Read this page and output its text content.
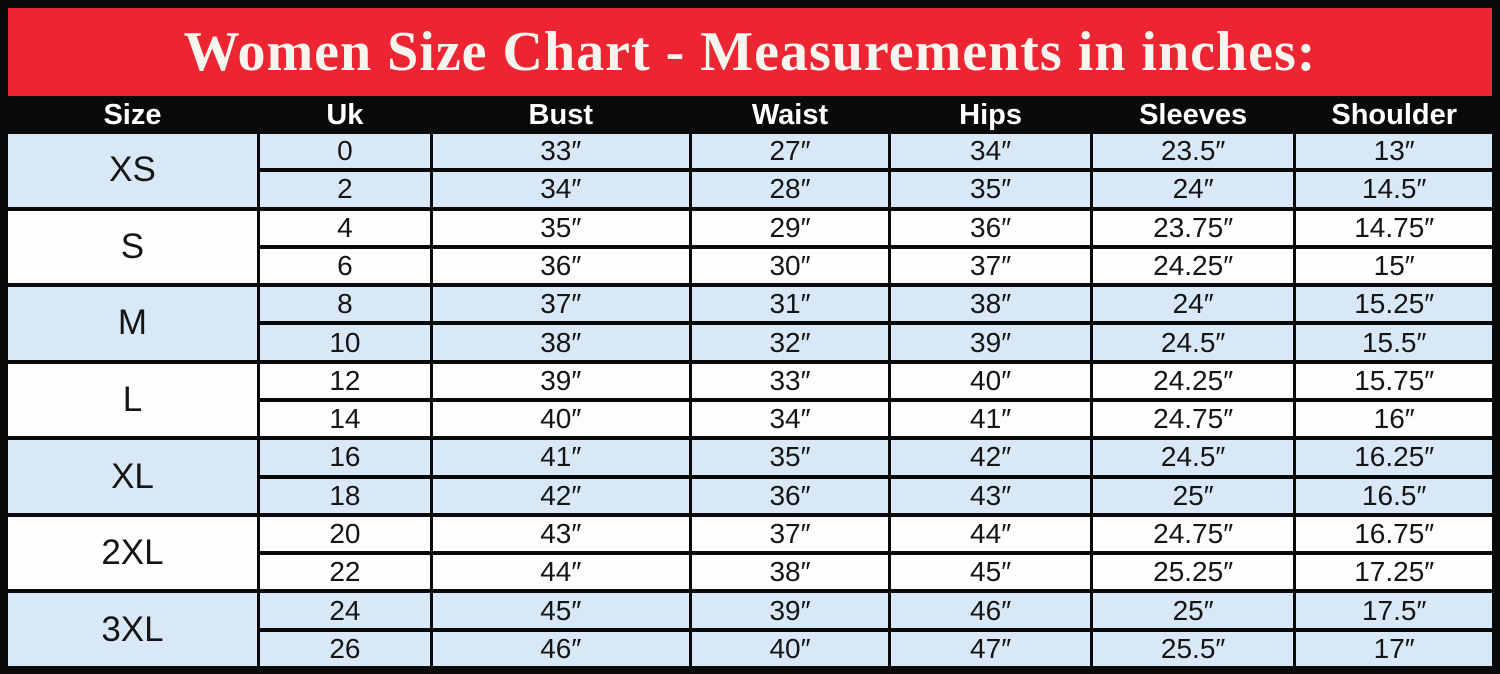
Women Size Chart - Measurements in inches:
Size	Uk	Bust	Waist	Hips	Sleeves	Shoulder
XS	0	33″	27″	34″	23.5″	13″
2	34″	28″	35″	24″	14.5″
S	4	35″	29″	36″	23.75″	14.75″
6	36″	30″	37″	24.25″	15″
M	8	37″	31″	38″	24″	15.25″
10	38″	32″	39″	24.5″	15.5″
L	12	39″	33″	40″	24.25″	15.75″
14	40″	34″	41″	24.75″	16″
XL	16	41″	35″	42″	24.5″	16.25″
18	42″	36″	43″	25″	16.5″
2XL	20	43″	37″	44″	24.75″	16.75″
22	44″	38″	45″	25.25″	17.25″
3XL	24	45″	39″	46″	25″	17.5″
26	46″	40″	47″	25.5″	17″
